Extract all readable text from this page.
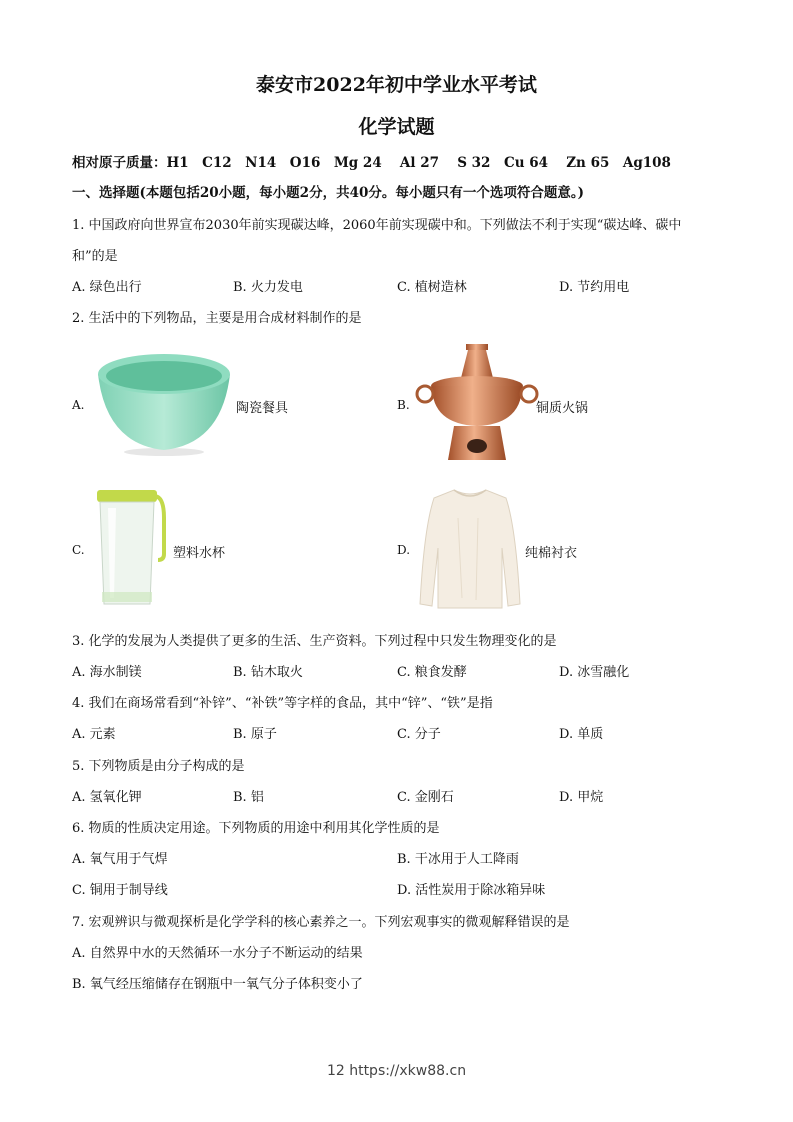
泰安市2022年初中学业水平考试
化学试题
相对原子质量：H1　C12　N14　O16　Mg 24　 Al 27　 S 32　Cu 64　 Zn 65　Ag108
一、选择题(本题包括20小题，每小题2分，共40分。每小题只有一个选项符合题意。)
1. 中国政府向世界宣布2030年前实现碳达峰，2060年前实现碳中和。下列做法不利于实现“碳达峰、碳中
和”的是
A. 绿色出行	B. 火力发电	C. 植树造林	D. 节约用电
2. 生活中的下列物品，主要是用合成材料制作的是
A.	陶瓷餐具	B.	铜质火锅
C.	塑料水杯	D.	纯棉衬衣
3. 化学的发展为人类提供了更多的生活、生产资料。下列过程中只发生物理变化的是
A. 海水制镁	B. 钻木取火	C. 粮食发酵	D. 冰雪融化
4. 我们在商场常看到“补锌”、“补铁”等字样的食品，其中“锌”、“铁”是指
A. 元素	B. 原子	C. 分子	D. 单质
5. 下列物质是由分子构成的是
A. 氢氧化钾	B. 铝	C. 金刚石	D. 甲烷
6. 物质的性质决定用途。下列物质的用途中利用其化学性质的是
A. 氧气用于气焊	B. 干冰用于人工降雨
C. 铜用于制导线	D. 活性炭用于除冰箱异味
7. 宏观辨识与微观探析是化学学科的核心素养之一。下列宏观事实的微观解释错误的是
A. 自然界中水的天然循环一水分子不断运动的结果
B. 氧气经压缩储存在钢瓶中一氧气分子体积变小了
12 https://xkw88.cn
